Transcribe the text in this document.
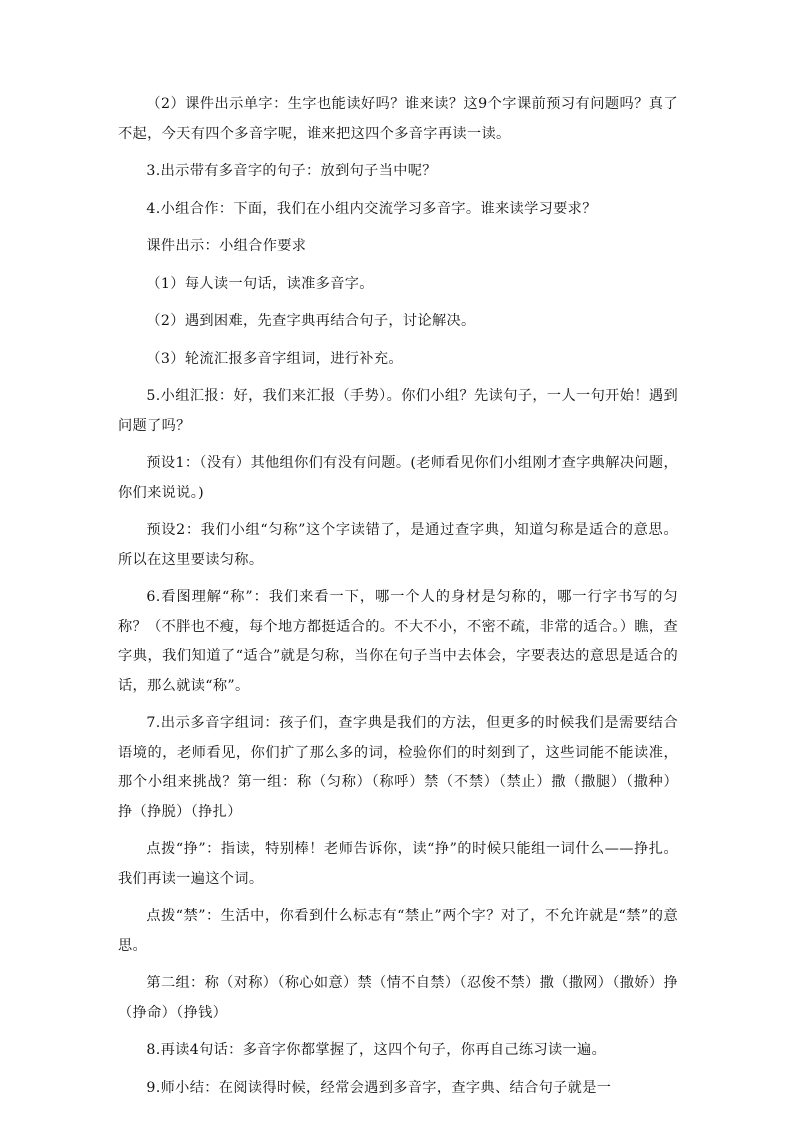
（2）课件出示单字：生字也能读好吗？谁来读？这9个字课前预习有问题吗？真了不起，今天有四个多音字呢，谁来把这四个多音字再读一读。

3.出示带有多音字的句子：放到句子当中呢？

4.小组合作：下面，我们在小组内交流学习多音字。谁来读学习要求？

课件出示：小组合作要求

（1）每人读一句话，读准多音字。

（2）遇到困难，先查字典再结合句子，讨论解决。

（3）轮流汇报多音字组词，进行补充。

5.小组汇报：好，我们来汇报（手势）。你们小组？先读句子，一人一句开始！遇到问题了吗？

预设1：（没有）其他组你们有没有问题。(老师看见你们小组刚才查字典解决问题，你们来说说。)

预设2：我们小组“匀称”这个字读错了，是通过查字典，知道匀称是适合的意思。所以在这里要读匀称。

6.看图理解“称”：我们来看一下，哪一个人的身材是匀称的，哪一行字书写的匀称？（不胖也不瘦，每个地方都挺适合的。不大不小，不密不疏，非常的适合。）瞧，查字典，我们知道了“适合”就是匀称，当你在句子当中去体会，字要表达的意思是适合的话，那么就读“称”。

7.出示多音字组词：孩子们，查字典是我们的方法，但更多的时候我们是需要结合语境的，老师看见，你们扩了那么多的词，检验你们的时刻到了，这些词能不能读准，那个小组来挑战？第一组：称（匀称）（称呼）禁（不禁）（禁止）撒（撒腿）（撒种）挣（挣脱）（挣扎）

点拨“挣”：指读，特别棒！老师告诉你，读“挣”的时候只能组一词什么——挣扎。我们再读一遍这个词。

点拨“禁”：生活中，你看到什么标志有“禁止”两个字？对了，不允许就是“禁”的意思。

第二组：称（对称）（称心如意）禁（情不自禁）（忍俊不禁）撒（撒网）（撒娇）挣（挣命）（挣钱）

8.再读4句话：多音字你都掌握了，这四个句子，你再自己练习读一遍。

9.师小结：在阅读得时候，经常会遇到多音字，查字典、结合句子就是一
